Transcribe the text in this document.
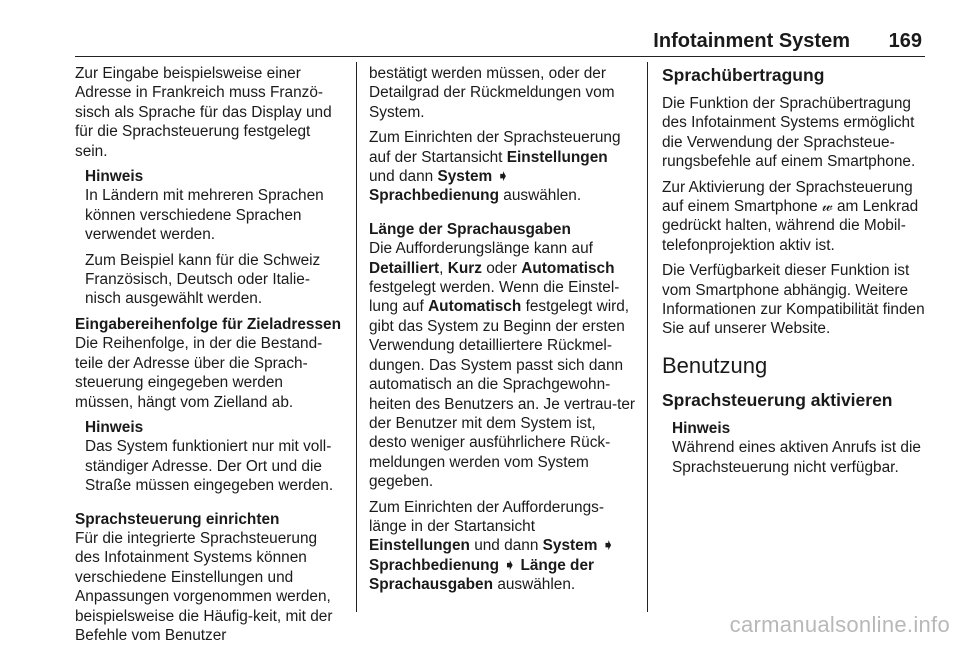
Infotainment System	169

Zur Eingabe beispielsweise einer Adresse in Frankreich muss Franzö-sisch als Sprache für das Display und für die Sprachsteuerung festgelegt sein.

Hinweis

In Ländern mit mehreren Sprachen können verschiedene Sprachen verwendet werden.

Zum Beispiel kann für die Schweiz Französisch, Deutsch oder Italie-nisch ausgewählt werden.

Eingabereihenfolge für Zieladressen

Die Reihenfolge, in der die Bestand-teile der Adresse über die Sprach-steuerung eingegeben werden müssen, hängt vom Zielland ab.

Hinweis

Das System funktioniert nur mit voll-ständiger Adresse. Der Ort und die Straße müssen eingegeben werden.

Sprachsteuerung einrichten

Für die integrierte Sprachsteuerung des Infotainment Systems können verschiedene Einstellungen und Anpassungen vorgenommen werden, beispielsweise die Häufig-keit, mit der Befehle vom Benutzer

bestätigt werden müssen, oder der Detailgrad der Rückmeldungen vom System.

Zum Einrichten der Sprachsteuerung auf der Startansicht Einstellungen und dann System ➧
Sprachbedienung auswählen.

Länge der Sprachausgaben

Die Aufforderungslänge kann auf Detailliert, Kurz oder Automatisch festgelegt werden. Wenn die Einstel-lung auf Automatisch festgelegt wird, gibt das System zu Beginn der ersten Verwendung detailliertere Rückmel-dungen. Das System passt sich dann automatisch an die Sprachgewohn-heiten des Benutzers an. Je vertrau-ter der Benutzer mit dem System ist, desto weniger ausführlichere Rück-meldungen werden vom System gegeben.

Zum Einrichten der Aufforderungs-länge in der Startansicht
Einstellungen und dann System ➧
Sprachbedienung ➧ Länge der Sprachausgaben auswählen.

Sprachübertragung

Die Funktion der Sprachübertragung des Infotainment Systems ermöglicht die Verwendung der Sprachsteue-rungsbefehle auf einem Smartphone.

Zur Aktivierung der Sprachsteuerung auf einem Smartphone 𝓌 am Lenkrad gedrückt halten, während die Mobil-telefonprojektion aktiv ist.

Die Verfügbarkeit dieser Funktion ist vom Smartphone abhängig. Weitere Informationen zur Kompatibilität finden Sie auf unserer Website.

Benutzung
Sprachsteuerung aktivieren
Hinweis

Während eines aktiven Anrufs ist die Sprachsteuerung nicht verfügbar.

carmanualsonline.info
